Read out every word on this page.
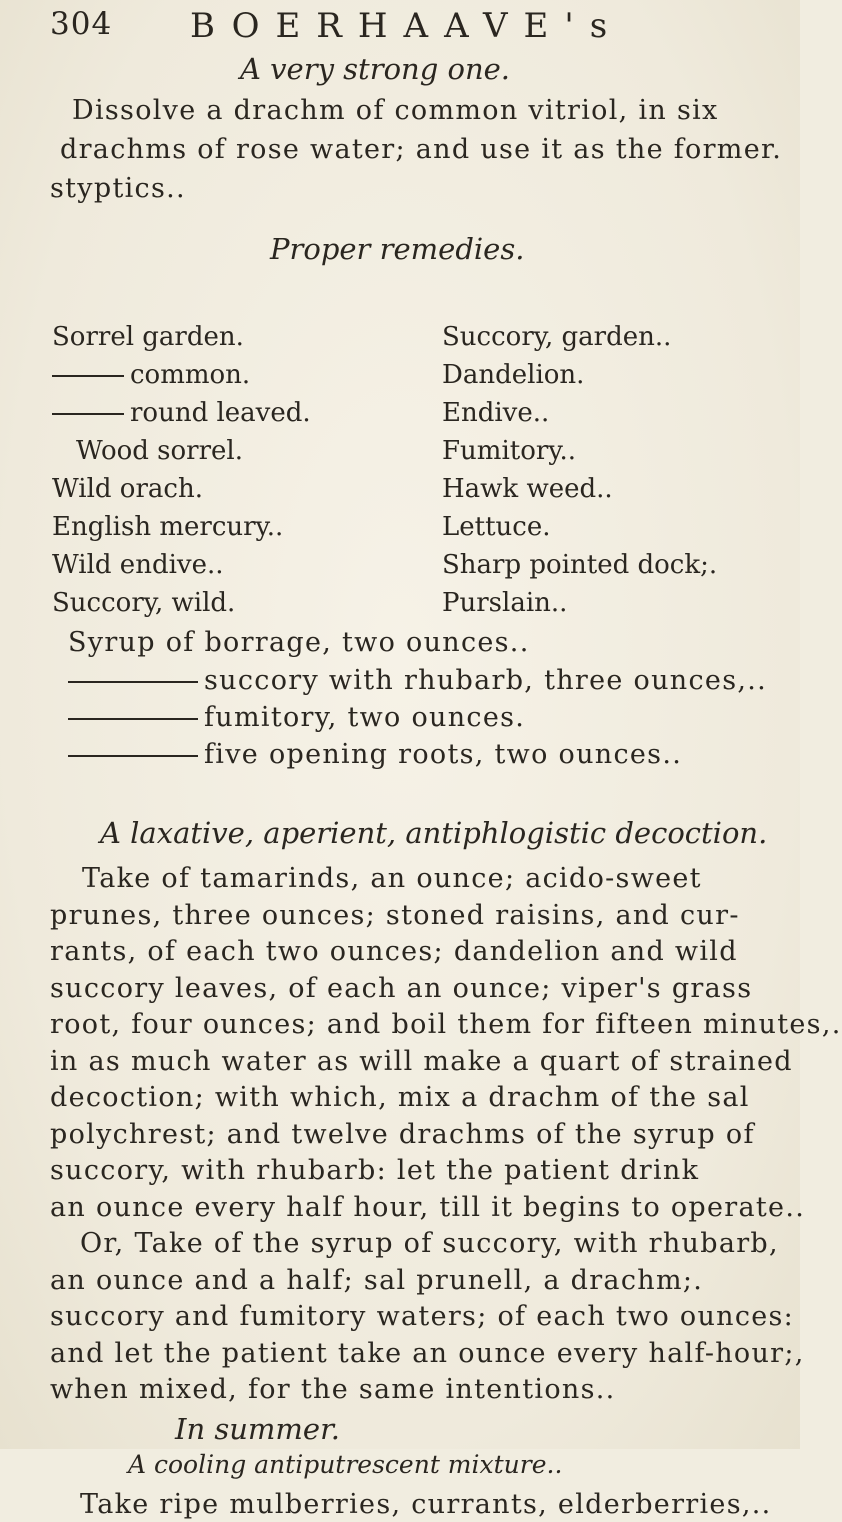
304 BOERHAAVE's
A very strong one.
Dissolve a drachm of common vitriol, in six
drachms of rose water; and use it as the former.
styptics..
Proper remedies.
Sorrel garden.	Succory, garden..
common.	Dandelion.
round leaved.	Endive..
Wood sorrel.	Fumitory..
Wild orach.	Hawk weed..
English mercury..	Lettuce.
Wild endive..	Sharp pointed dock;.
Succory, wild.	Purslain..
Syrup of borrage, two ounces..
succory with rhubarb, three ounces,..
fumitory, two ounces.
five opening roots, two ounces..
A laxative, aperient, antiphlogistic decoction.
Take of tamarinds, an ounce; acido-sweet
prunes, three ounces; stoned raisins, and cur-
rants, of each two ounces; dandelion and wild
succory leaves, of each an ounce; viper's grass
root, four ounces; and boil them for fifteen minutes,.
in as much water as will make a quart of strained
decoction; with which, mix a drachm of the sal
polychrest; and twelve drachms of the syrup of
succory, with rhubarb: let the patient drink
an ounce every half hour, till it begins to operate..
Or, Take of the syrup of succory, with rhubarb,
an ounce and a half; sal prunell, a drachm;.
succory and fumitory waters; of each two ounces:
and let the patient take an ounce every half-hour;,
when mixed, for the same intentions..
In summer.
A cooling antiputrescent mixture..
Take ripe mulberries, currants, elderberries,..
